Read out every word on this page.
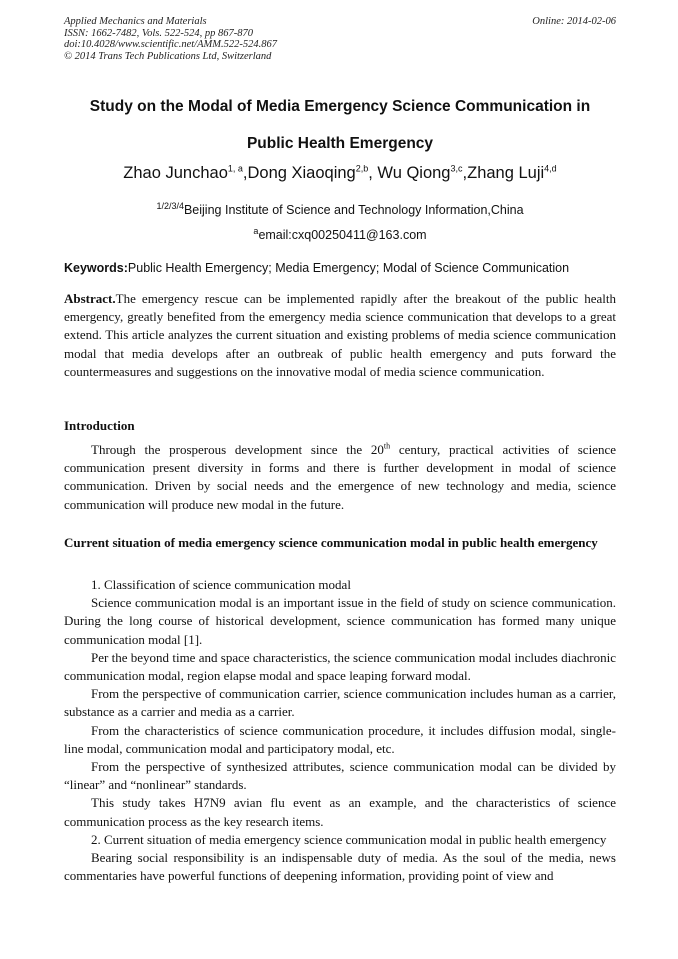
Applied Mechanics and Materials
ISSN: 1662-7482, Vols. 522-524, pp 867-870
doi:10.4028/www.scientific.net/AMM.522-524.867
© 2014 Trans Tech Publications Ltd, Switzerland
Online: 2014-02-06
Study on the Modal of Media Emergency Science Communication in
Public Health Emergency
Zhao Junchao$^{1, a}$,Dong Xiaoqing$^{2,b}$, Wu Qiong$^{3,c}$,Zhang Luji$^{4,d}$
$^{1/2/3/4}$Beijing Institute of Science and Technology Information,China
$^a$email:cxq00250411@163.com
Keywords:Public Health Emergency; Media Emergency; Modal of Science Communication

Abstract.The emergency rescue can be implemented rapidly after the breakout of the public health emergency, greatly benefited from the emergency media science communication that develops to a great extend. This article analyzes the current situation and existing problems of media science communication modal that media develops after an outbreak of public health emergency and puts forward the countermeasures and suggestions on the innovative modal of media science communication.

Introduction

Through the prosperous development since the 20th century, practical activities of science communication present diversity in forms and there is further development in modal of science communication. Driven by social needs and the emergence of new technology and media, science communication will produce new modal in the future.

Current situation of media emergency science communication modal in public health emergency

1. Classification of science communication modal

Science communication modal is an important issue in the field of study on science communication. During the long course of historical development, science communication has formed many unique communication modal [1].

Per the beyond time and space characteristics, the science communication modal includes diachronic communication modal, region elapse modal and space leaping forward modal.

From the perspective of communication carrier, science communication includes human as a carrier, substance as a carrier and media as a carrier.

From the characteristics of science communication procedure, it includes diffusion modal, single-line modal, communication modal and participatory modal, etc.

From the perspective of synthesized attributes, science communication modal can be divided by “linear” and “nonlinear” standards.

This study takes H7N9 avian flu event as an example, and the characteristics of science communication process as the key research items.

2. Current situation of media emergency science communication modal in public health emergency

Bearing social responsibility is an indispensable duty of media. As the soul of the media, news commentaries have powerful functions of deepening information, providing point of view and
